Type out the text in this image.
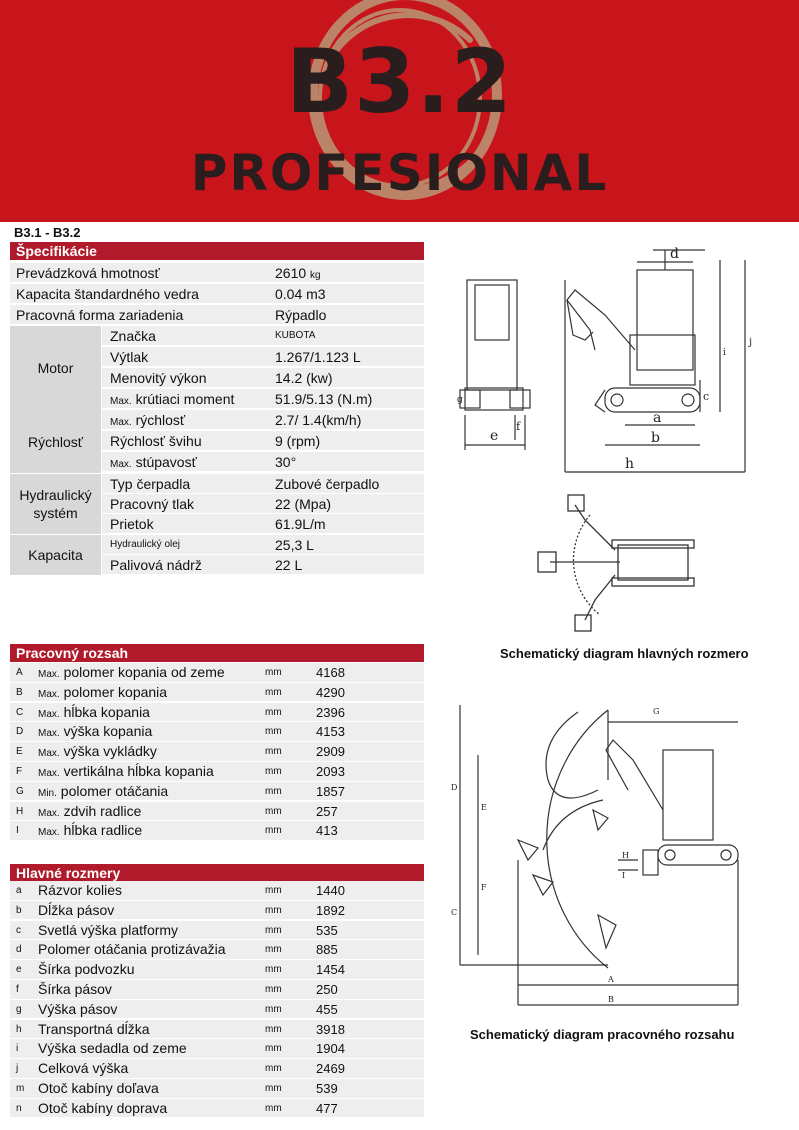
B3.2
PROFESIONAL
B3.1 - B3.2
Špecifikácie
Prevádzková hmotnosť	2610 kg
Kapacita štandardného vedra	0.04 m3
Pracovná forma zariadenia	Rýpadlo
Motor
Značka	KUBOTA
Výtlak	1.267/1.123 L
Menovitý výkon	14.2 (kw)
Max. krútiaci moment	51.9/5.13 (N.m)
Rýchlosť
Max. rýchlosť	2.7/ 1.4(km/h)
Rýchlosť švihu	9 (rpm)
Max. stúpavosť	30°
Hydraulický systém
Typ čerpadla	Zubové čerpadlo
Pracovný tlak	22 (Mpa)
Prietok	61.9L/m
Kapacita
Hydraulický olej	25,3 L
Palivová nádrž	22 L
Pracovný rozsah
A	Max. polomer kopania od zeme	mm	4168
B	Max. polomer kopania	mm	4290
C	Max. hĺbka kopania	mm	2396
D	Max. výška kopania	mm	4153
E	Max. výška vykládky	mm	2909
F	Max. vertikálna hĺbka kopania	mm	2093
G	Min. polomer otáčania	mm	1857
H	Max. zdvih radlice	mm	257
I	Max. hĺbka radlice	mm	413
Hlavné rozmery
a	Rázvor kolies	mm	1440
b	Dĺžka pásov	mm	1892
c	Svetlá výška platformy	mm	535
d	Polomer otáčania protizávažia	mm	885
e	Šírka podvozku	mm	1454
f	Šírka pásov	mm	250
g	Výška pásov	mm	455
h	Transportná dĺžka	mm	3918
i	Výška sedadla od zeme	mm	1904
j	Celková výška	mm	2469
m Otoč kabíny doľava	mm	539
n	Otoč kabíny doprava	mm	477
d
j
i
c
a
b
h
e
f
g
Schematický diagram hlavných rozmero
G
D
E
F
C
H
I
A
B
Schematický diagram pracovného rozsahu
